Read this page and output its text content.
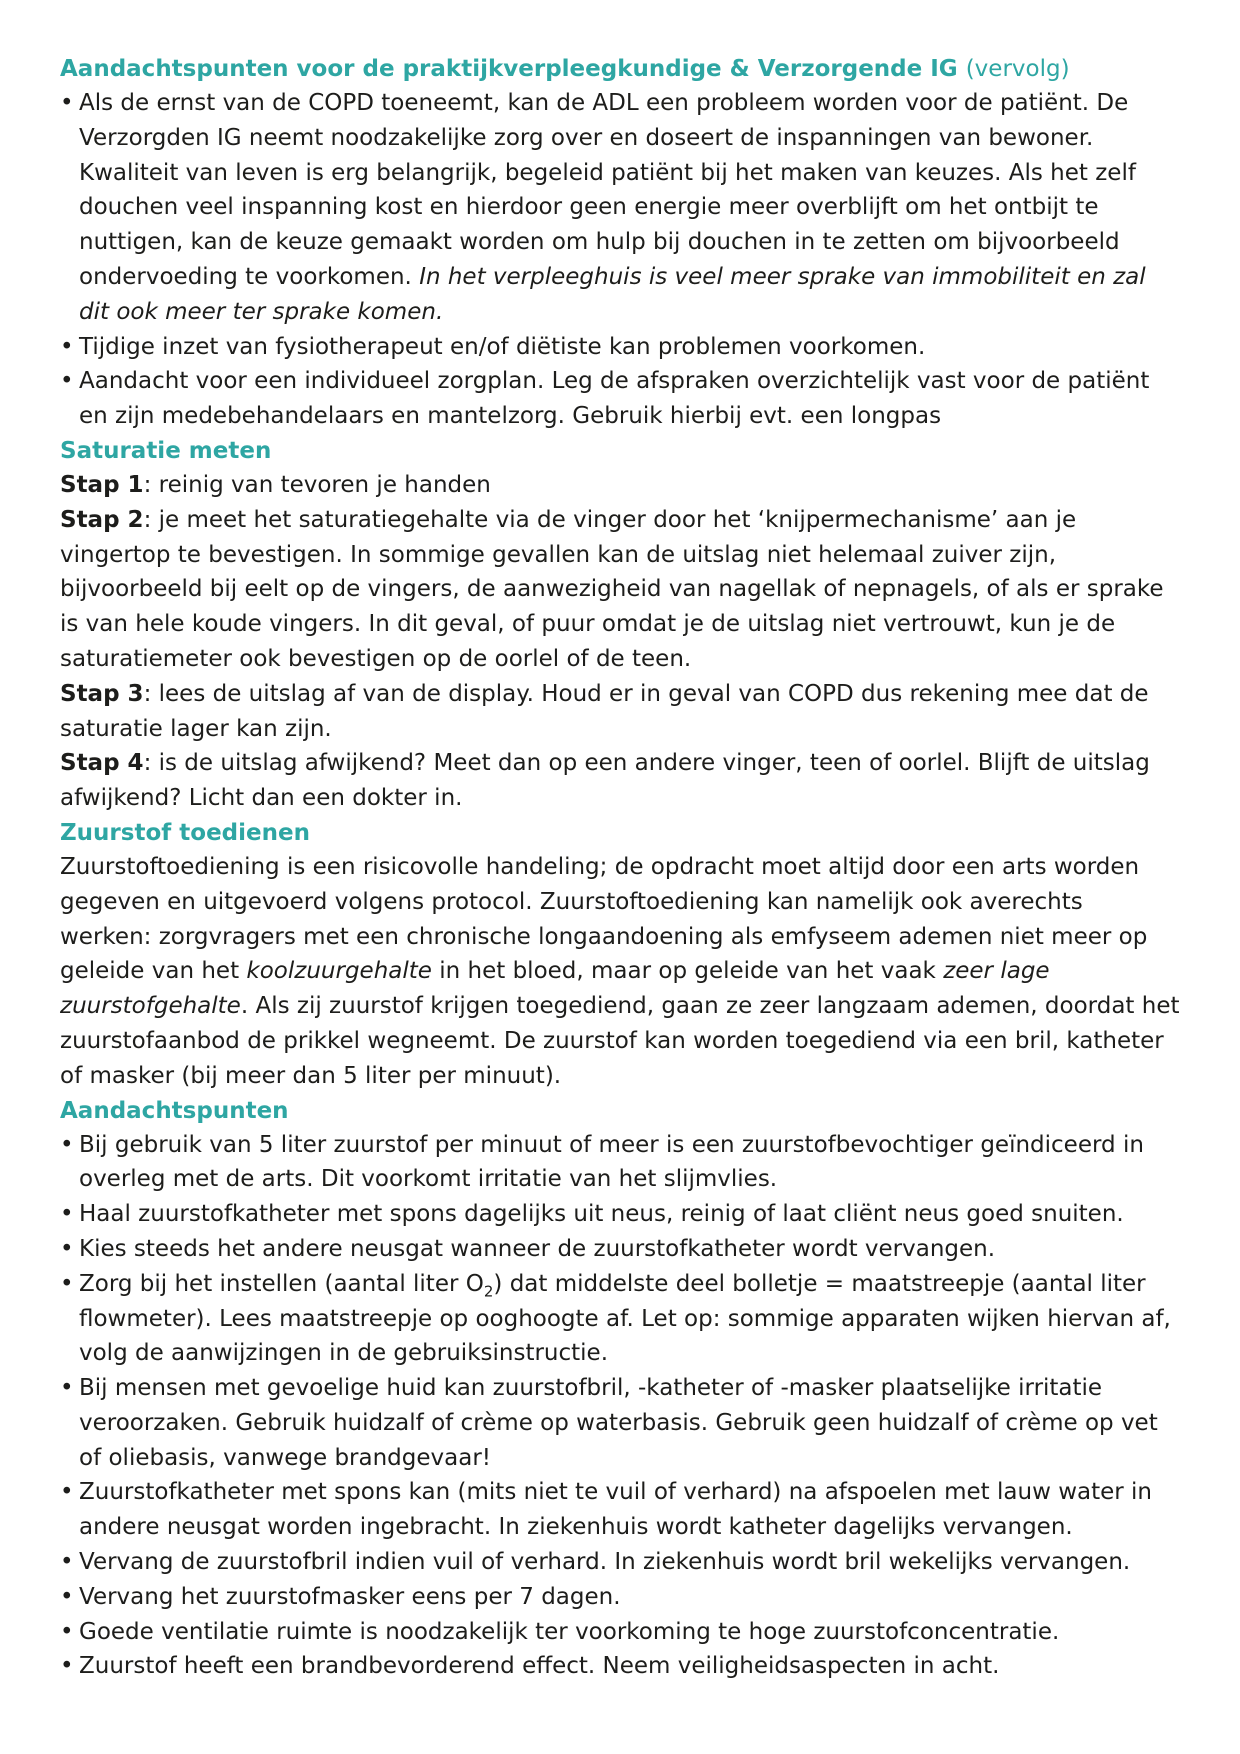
Aandachtspunten voor de praktijkverpleegkundige & Verzorgende IG (vervolg)
• Als de ernst van de COPD toeneemt, kan de ADL een probleem worden voor de patiënt. De Verzorgden IG neemt noodzakelijke zorg over en doseert de inspanningen van bewoner. Kwaliteit van leven is erg belangrijk, begeleid patiënt bij het maken van keuzes. Als het zelf douchen veel inspanning kost en hierdoor geen energie meer overblijft om het ontbijt te nuttigen, kan de keuze gemaakt worden om hulp bij douchen in te zetten om bijvoorbeeld ondervoeding te voorkomen. In het verpleeghuis is veel meer sprake van immobiliteit en zal dit ook meer ter sprake komen.
• Tijdige inzet van fysiotherapeut en/of diëtiste kan problemen voorkomen.
• Aandacht voor een individueel zorgplan. Leg de afspraken overzichtelijk vast voor de patiënt en zijn medebehandelaars en mantelzorg. Gebruik hierbij evt. een longpas
Saturatie meten

Stap 1: reinig van tevoren je handen

Stap 2: je meet het saturatiegehalte via de vinger door het ‘knijpermechanisme’ aan je vingertop te bevestigen. In sommige gevallen kan de uitslag niet helemaal zuiver zijn, bijvoorbeeld bij eelt op de vingers, de aanwezigheid van nagellak of nepnagels, of als er sprake is van hele koude vingers. In dit geval, of puur omdat je de uitslag niet vertrouwt, kun je de saturatiemeter ook bevestigen op de oorlel of de teen.

Stap 3: lees de uitslag af van de display. Houd er in geval van COPD dus rekening mee dat de saturatie lager kan zijn.

Stap 4: is de uitslag afwijkend? Meet dan op een andere vinger, teen of oorlel. Blijft de uitslag afwijkend? Licht dan een dokter in.

Zuurstof toedienen

Zuurstoftoediening is een risicovolle handeling; de opdracht moet altijd door een arts worden gegeven en uitgevoerd volgens protocol. Zuurstoftoediening kan namelijk ook averechts werken: zorgvragers met een chronische longaandoening als emfyseem ademen niet meer op geleide van het koolzuurgehalte in het bloed, maar op geleide van het vaak zeer lage zuurstofgehalte. Als zij zuurstof krijgen toegediend, gaan ze zeer langzaam ademen, doordat het zuurstofaanbod de prikkel wegneemt. De zuurstof kan worden toegediend via een bril, katheter of masker (bij meer dan 5 liter per minuut).

Aandachtspunten
• Bij gebruik van 5 liter zuurstof per minuut of meer is een zuurstofbevochtiger geïndiceerd in overleg met de arts. Dit voorkomt irritatie van het slijmvlies.
• Haal zuurstofkatheter met spons dagelijks uit neus, reinig of laat cliënt neus goed snuiten.
• Kies steeds het andere neusgat wanneer de zuurstofkatheter wordt vervangen.
• Zorg bij het instellen (aantal liter $O_2$) dat middelste deel bolletje = maatstreepje (aantal liter flowmeter). Lees maatstreepje op ooghoogte af. Let op: sommige apparaten wijken hiervan af, volg de aanwijzingen in de gebruiksinstructie.
• Bij mensen met gevoelige huid kan zuurstofbril, -katheter of -masker plaatselijke irritatie veroorzaken. Gebruik huidzalf of crème op waterbasis. Gebruik geen huidzalf of crème op vet of oliebasis, vanwege brandgevaar!
• Zuurstofkatheter met spons kan (mits niet te vuil of verhard) na afspoelen met lauw water in andere neusgat worden ingebracht. In ziekenhuis wordt katheter dagelijks vervangen.
• Vervang de zuurstofbril indien vuil of verhard. In ziekenhuis wordt bril wekelijks vervangen.
• Vervang het zuurstofmasker eens per 7 dagen.
• Goede ventilatie ruimte is noodzakelijk ter voorkoming te hoge zuurstofconcentratie.
• Zuurstof heeft een brandbevorderend effect. Neem veiligheidsaspecten in acht.
